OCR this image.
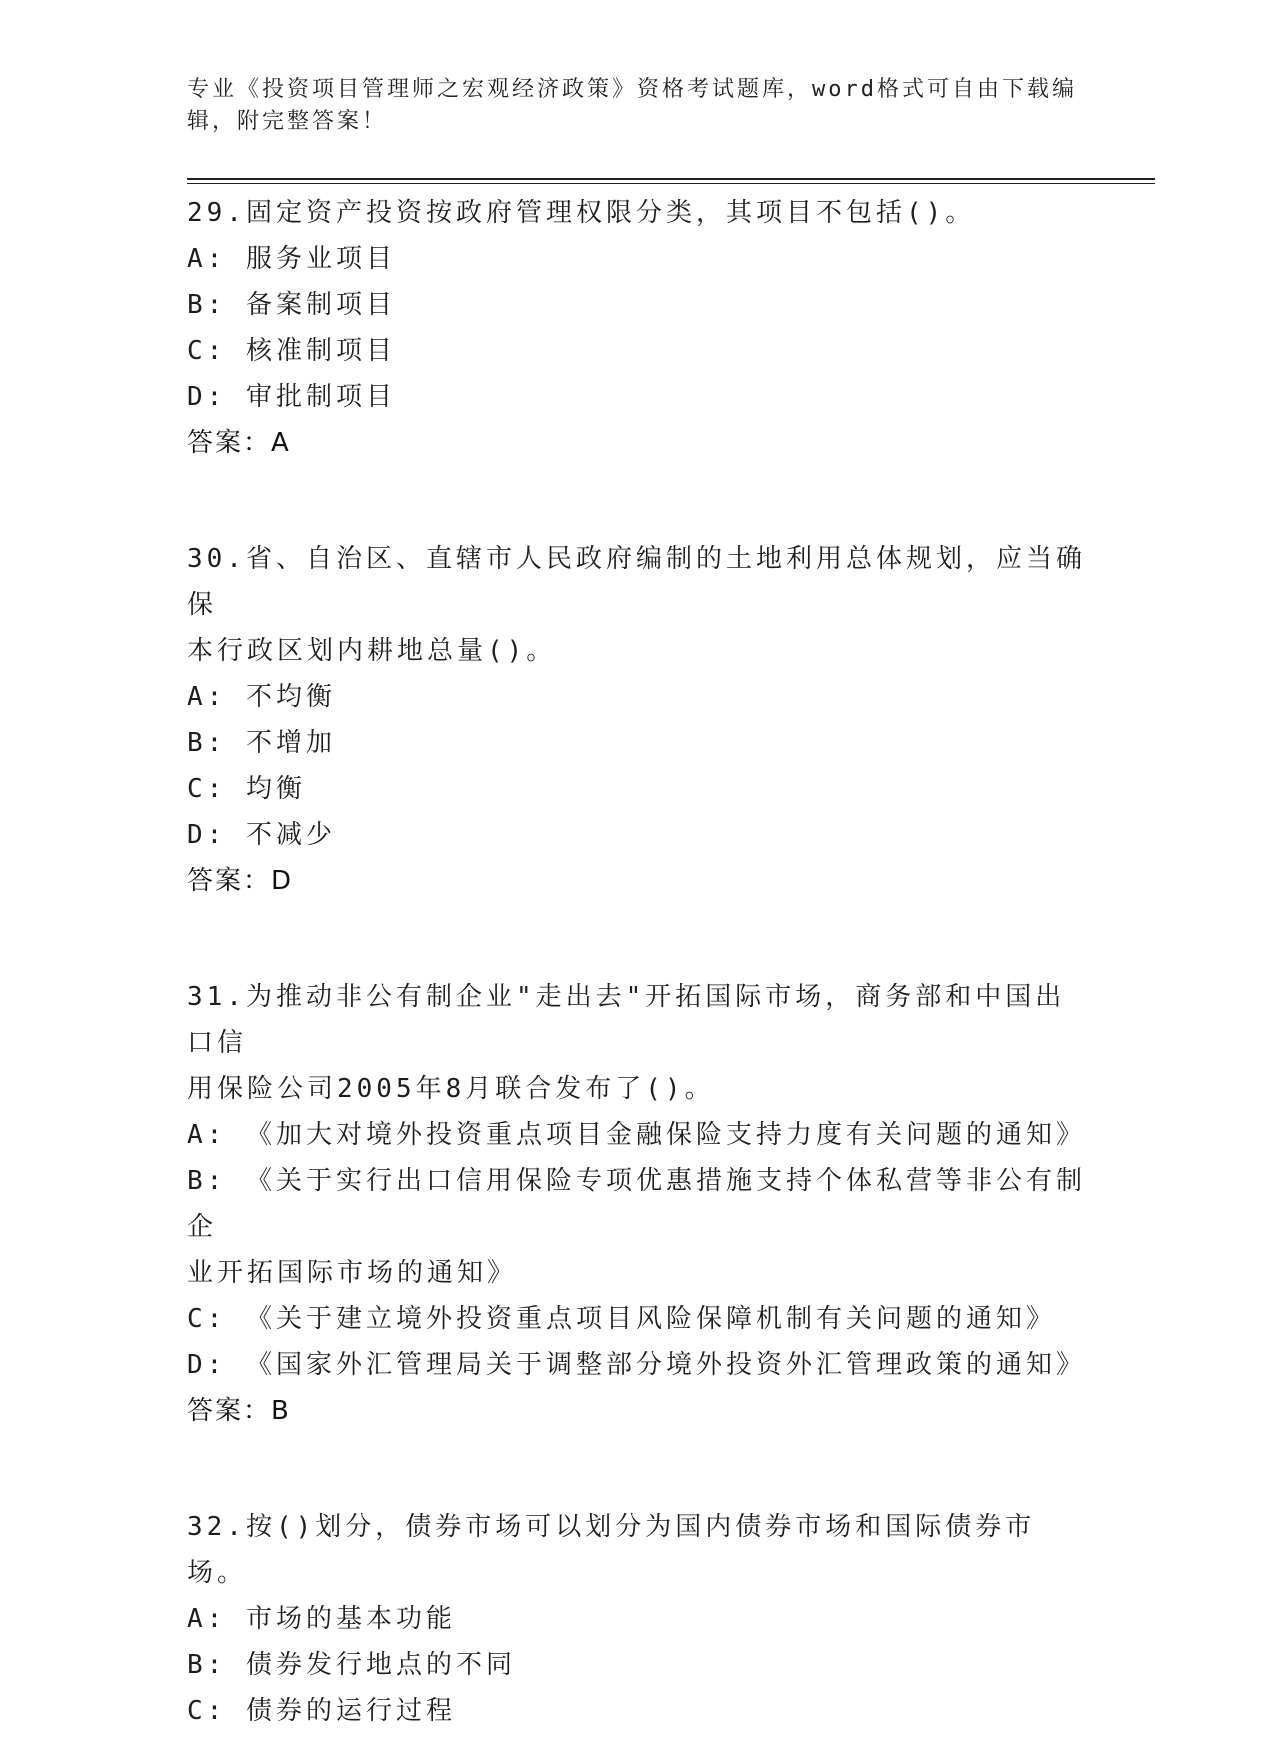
专业《投资项目管理师之宏观经济政策》资格考试题库，word格式可自由下载编
辑，附完整答案！
29.固定资产投资按政府管理权限分类，其项目不包括()。
A: 服务业项目
B: 备案制项目
C: 核准制项目
D: 审批制项目
答案：A
30.省、自治区、直辖市人民政府编制的土地利用总体规划，应当确保
本行政区划内耕地总量()。
A: 不均衡
B: 不增加
C: 均衡
D: 不减少
答案：D
31.为推动非公有制企业"走出去"开拓国际市场，商务部和中国出口信
用保险公司2005年8月联合发布了()。
A: 《加大对境外投资重点项目金融保险支持力度有关问题的通知》
B: 《关于实行出口信用保险专项优惠措施支持个体私营等非公有制企
业开拓国际市场的通知》
C: 《关于建立境外投资重点项目风险保障机制有关问题的通知》
D: 《国家外汇管理局关于调整部分境外投资外汇管理政策的通知》
答案：B
32.按()划分，债券市场可以划分为国内债券市场和国际债券市场。
A: 市场的基本功能
B: 债券发行地点的不同
C: 债券的运行过程
